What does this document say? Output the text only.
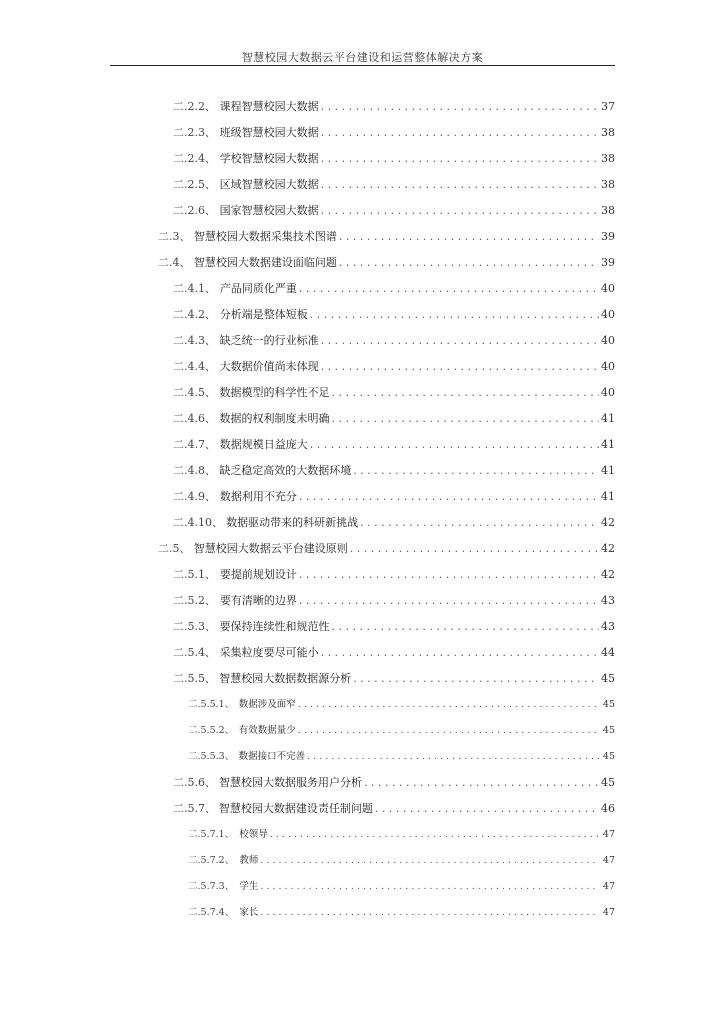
智慧校园大数据云平台建设和运营整体解决方案
二.2.2、 课程智慧校园大数据 . . .	37
二.2.3、 班级智慧校园大数据 . . .	38
二.2.4、 学校智慧校园大数据 . . .	38
二.2.5、 区域智慧校园大数据 . . .	38
二.2.6、 国家智慧校园大数据 . . .	38
二.3、 智慧校园大数据采集技术图谱 . . .	39
二.4、 智慧校园大数据建设面临问题 . . .	39
二.4.1、 产品同质化严重 . . .	40
二.4.2、 分析端是整体短板 . . .	40
二.4.3、 缺乏统一的行业标准 . . .	40
二.4.4、 大数据价值尚未体现 . . .	40
二.4.5、 数据模型的科学性不足 . . .	40
二.4.6、 数据的权利制度未明确 . . .	41
二.4.7、 数据规模日益庞大 . . .	41
二.4.8、 缺乏稳定高效的大数据环境 . . .	41
二.4.9、 数据利用不充分 . . .	41
二.4.10、 数据驱动带来的科研新挑战 . . .	42
二.5、 智慧校园大数据云平台建设原则 . . .	42
二.5.1、 要提前规划设计 . . .	42
二.5.2、 要有清晰的边界 . . .	43
二.5.3、 要保持连续性和规范性 . . .	43
二.5.4、 采集粒度要尽可能小 . . .	44
二.5.5、 智慧校园大数据数据源分析 . . .	45
二.5.5.1、 数据涉及面窄 . . .	45
二.5.5.2、 有效数据量少 . . .	45
二.5.5.3、 数据接口不完善 . . .	45
二.5.6、 智慧校园大数据服务用户分析 . . .	45
二.5.7、 智慧校园大数据建设责任制问题 . . .	46
二.5.7.1、 校领导 . . .	47
二.5.7.2、 教师 . . .	47
二.5.7.3、 学生 . . .	47
二.5.7.4、 家长 . . .	47
